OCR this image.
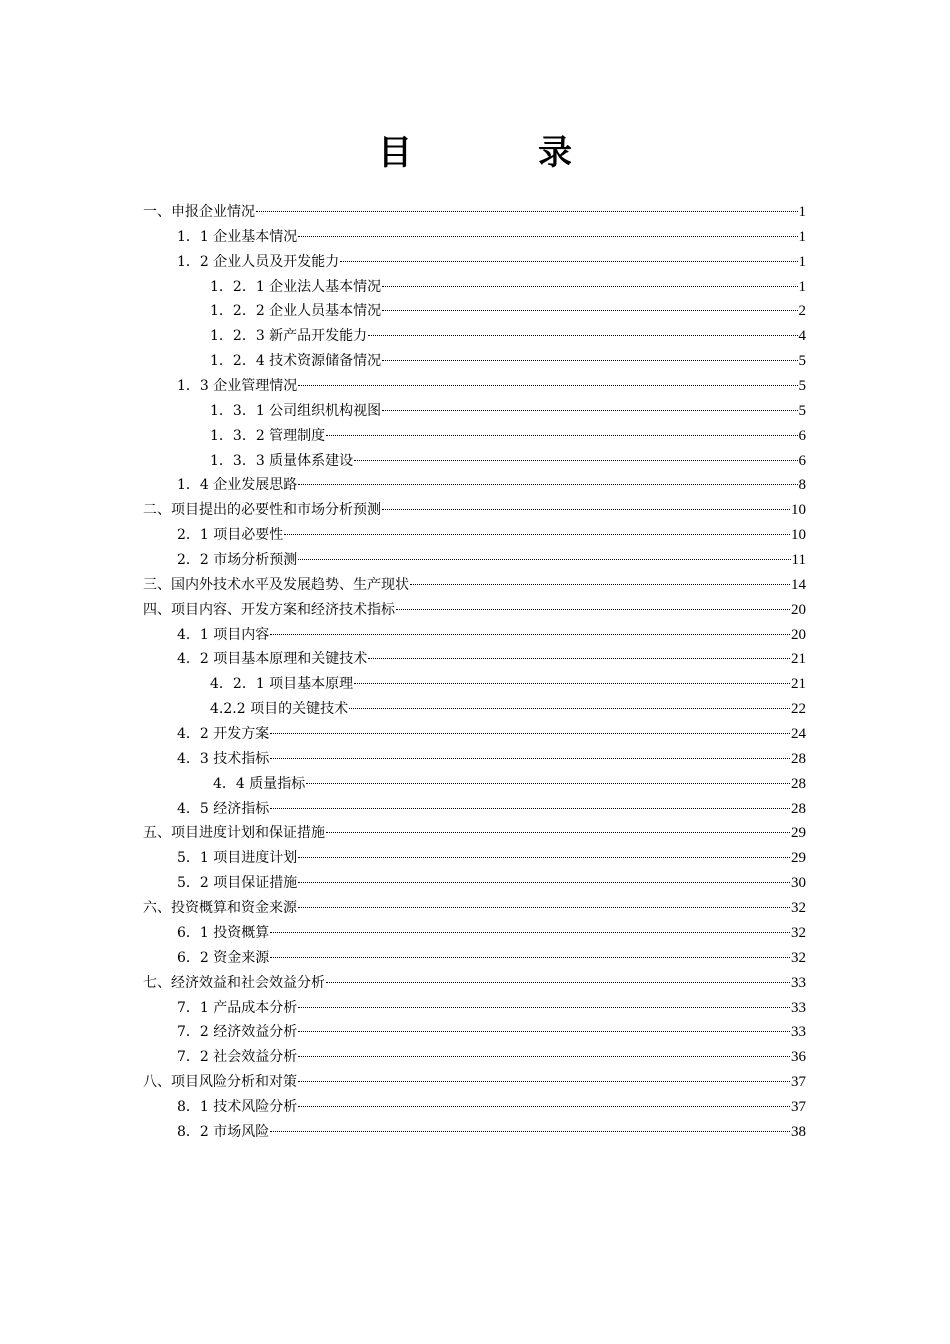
目　录
一、申报企业情况	1
1．1 企业基本情况	1
1．2 企业人员及开发能力	1
1．2．1 企业法人基本情况	1
1．2．2 企业人员基本情况	2
1．2．3 新产品开发能力	4
1．2．4 技术资源储备情况	5
1．3 企业管理情况	5
1．3．1 公司组织机构视图	5
1．3．2 管理制度	6
1．3．3 质量体系建设	6
1．4 企业发展思路	8
二、项目提出的必要性和市场分析预测	10
2．1 项目必要性	10
2．2 市场分析预测	11
三、国内外技术水平及发展趋势、生产现状	14
四、项目内容、开发方案和经济技术指标	20
4．1 项目内容	20
4．2 项目基本原理和关键技术	21
4．2．1 项目基本原理	21
4.2.2 项目的关键技术	22
4．2 开发方案	24
4．3 技术指标	28
4．4 质量指标	28
4．5 经济指标	28
五、项目进度计划和保证措施	29
5．1 项目进度计划	29
5．2 项目保证措施	30
六、投资概算和资金来源	32
6．1 投资概算	32
6．2 资金来源	32
七、经济效益和社会效益分析	33
7．1 产品成本分析	33
7．2 经济效益分析	33
7．2 社会效益分析	36
八、项目风险分析和对策	37
8．1 技术风险分析	37
8．2 市场风险	38
